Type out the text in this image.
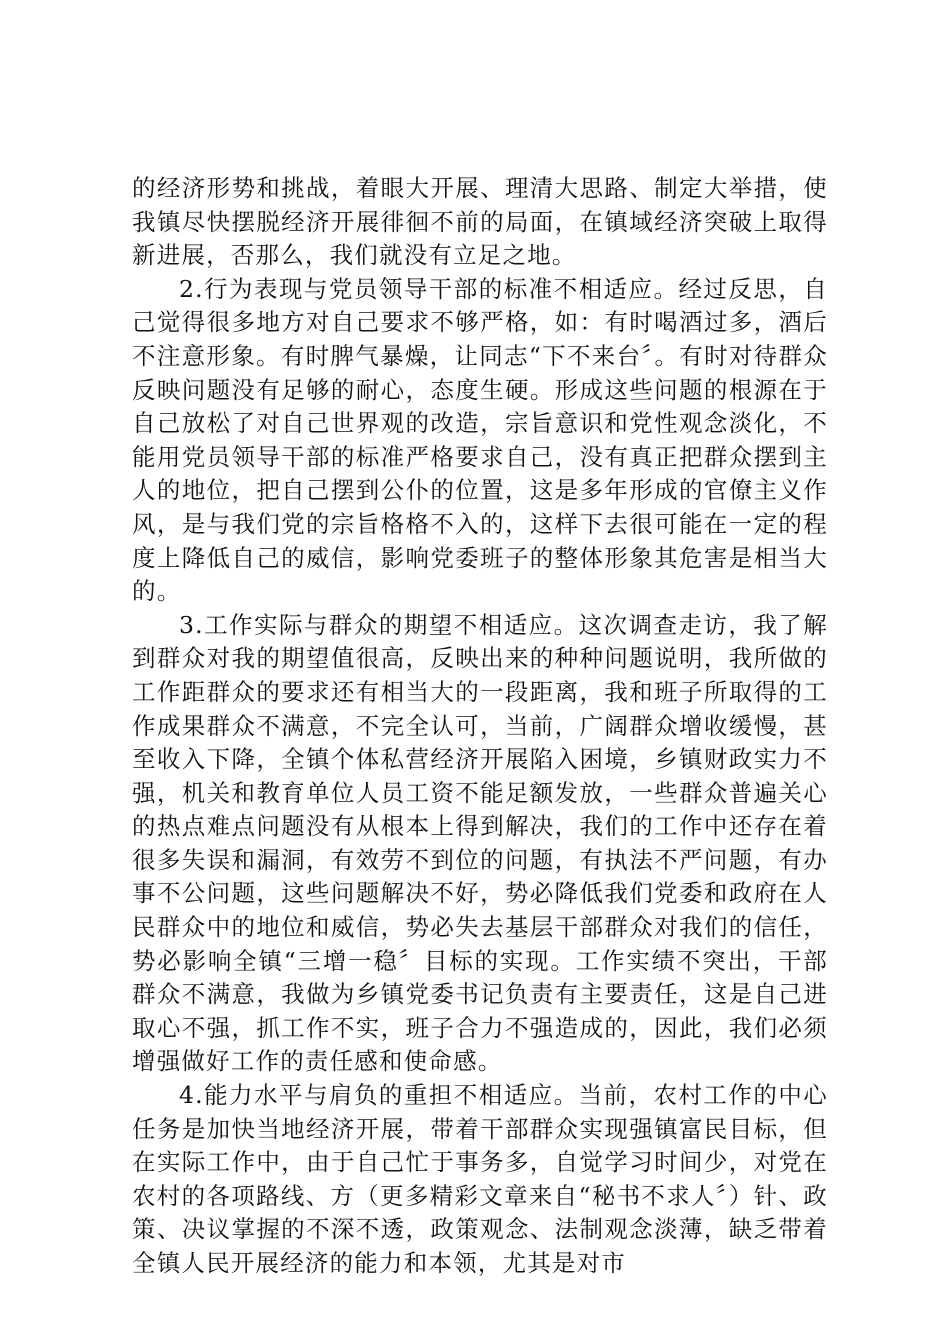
的经济形势和挑战，着眼大开展、理清大思路、制定大举措，使我镇尽快摆脱经济开展徘徊不前的局面，在镇域经济突破上取得新进展，否那么，我们就没有立足之地。

2.行为表现与党员领导干部的标准不相适应。经过反思，自己觉得很多地方对自己要求不够严格，如：有时喝酒过多，酒后不注意形象。有时脾气暴燥，让同志“下不来台〞。有时对待群众反映问题没有足够的耐心，态度生硬。形成这些问题的根源在于自己放松了对自己世界观的改造，宗旨意识和党性观念淡化，不能用党员领导干部的标准严格要求自己，没有真正把群众摆到主人的地位，把自己摆到公仆的位置，这是多年形成的官僚主义作风，是与我们党的宗旨格格不入的，这样下去很可能在一定的程度上降低自己的威信，影响党委班子的整体形象其危害是相当大的。

3.工作实际与群众的期望不相适应。这次调查走访，我了解到群众对我的期望值很高，反映出来的种种问题说明，我所做的工作距群众的要求还有相当大的一段距离，我和班子所取得的工作成果群众不满意，不完全认可，当前，广阔群众增收缓慢，甚至收入下降，全镇个体私营经济开展陷入困境，乡镇财政实力不强，机关和教育单位人员工资不能足额发放，一些群众普遍关心的热点难点问题没有从根本上得到解决，我们的工作中还存在着很多失误和漏洞，有效劳不到位的问题，有执法不严问题，有办事不公问题，这些问题解决不好，势必降低我们党委和政府在人民群众中的地位和威信，势必失去基层干部群众对我们的信任，势必影响全镇“三增一稳〞目标的实现。工作实绩不突出，干部群众不满意，我做为乡镇党委书记负责有主要责任，这是自己进取心不强，抓工作不实，班子合力不强造成的，因此，我们必须增强做好工作的责任感和使命感。

4.能力水平与肩负的重担不相适应。当前，农村工作的中心任务是加快当地经济开展，带着干部群众实现强镇富民目标，但在实际工作中，由于自己忙于事务多，自觉学习时间少，对党在农村的各项路线、方（更多精彩文章来自“秘书不求人〞）针、政策、决议掌握的不深不透，政策观念、法制观念淡薄，缺乏带着全镇人民开展经济的能力和本领，尤其是对市
